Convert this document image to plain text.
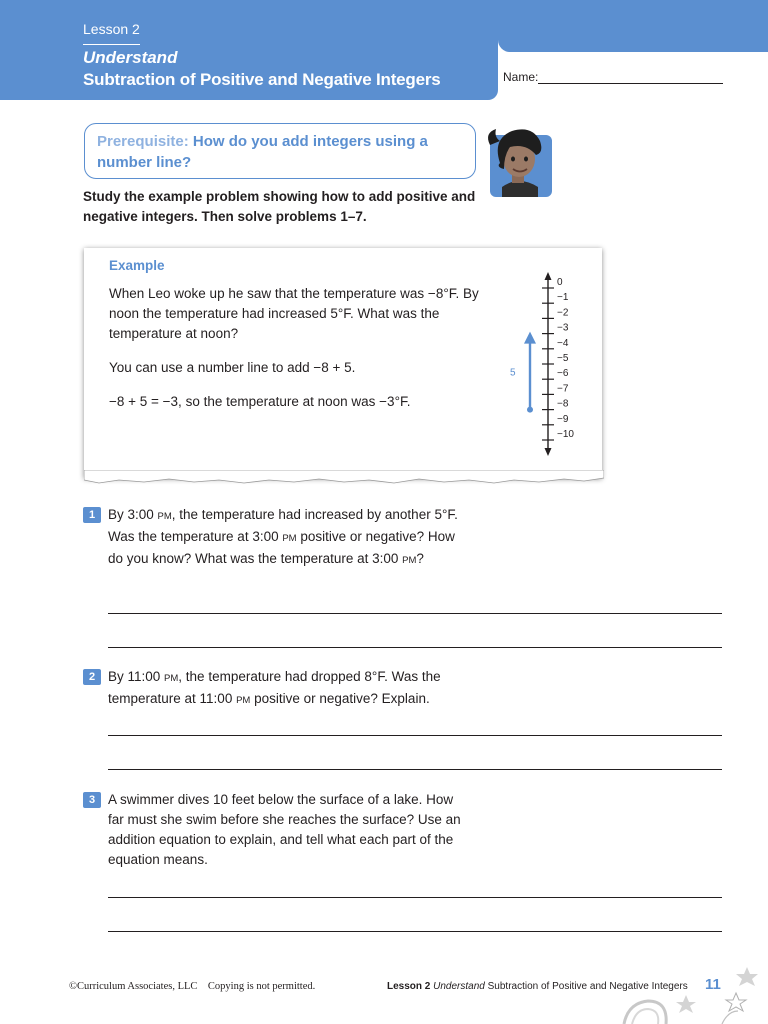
Lesson 2
Understand
Subtraction of Positive and Negative Integers	Name:
Prerequisite: How do you add integers using a number line?
Study the example problem showing how to add positive and negative integers. Then solve problems 1–7.
Example

When Leo woke up he saw that the temperature was −8°F. By noon the temperature had increased 5°F. What was the temperature at noon?

You can use a number line to add −8 + 5.

−8 + 5 = −3, so the temperature at noon was −3°F.

0
−1
−2
−3
−4
−5
−6
−7
−8
−9
−10
5
1 By 3:00 PM, the temperature had increased by another 5°F. Was the temperature at 3:00 PM positive or negative? How do you know? What was the temperature at 3:00 PM?
2 By 11:00 PM, the temperature had dropped 8°F. Was the temperature at 11:00 PM positive or negative? Explain.
3 A swimmer dives 10 feet below the surface of a lake. How far must she swim before she reaches the surface? Use an addition equation to explain, and tell what each part of the equation means.
©Curriculum Associates, LLC    Copying is not permitted.	Lesson 2 Understand Subtraction of Positive and Negative Integers 11
